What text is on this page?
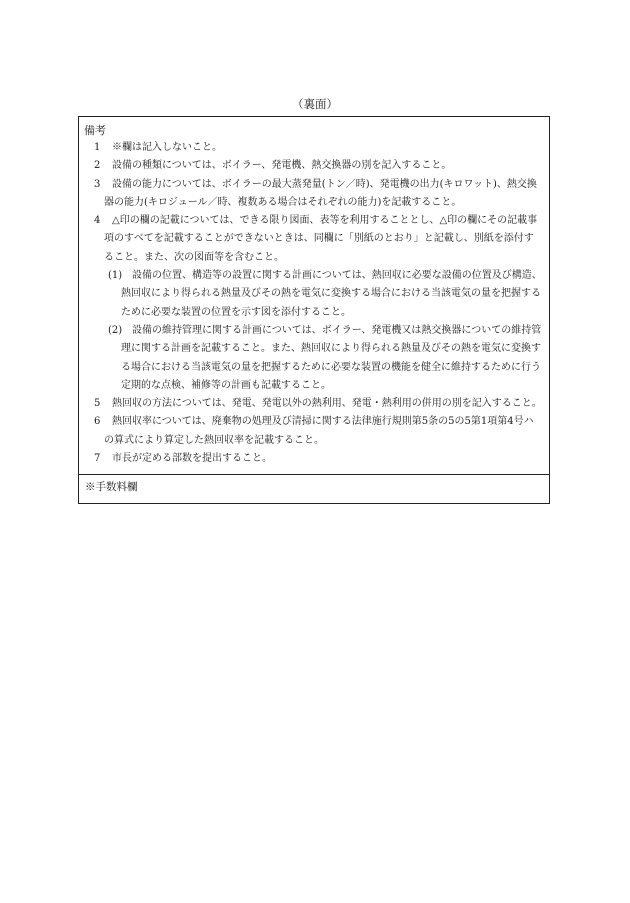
（裏面）
備考
1 ※欄は記入しないこと。
2 設備の種類については、ボイラー、発電機、熱交換器の別を記入すること。
3 設備の能力については、ボイラーの最大蒸発量(トン／時)、発電機の出力(キロワット)、熱交換器の能力(キロジュール／時、複数ある場合はそれぞれの能力)を記載すること。
4 △印の欄の記載については、できる限り図面、表等を利用することとし、△印の欄にその記載事項のすべてを記載することができないときは、同欄に「別紙のとおり」と記載し、別紙を添付すること。また、次の図面等を含むこと。
(1) 設備の位置、構造等の設置に関する計画については、熱回収に必要な設備の位置及び構造、熱回収により得られる熱量及びその熱を電気に変換する場合における当該電気の量を把握するために必要な装置の位置を示す図を添付すること。
(2) 設備の維持管理に関する計画については、ボイラー、発電機又は熱交換器についての維持管理に関する計画を記載すること。また、熱回収により得られる熱量及びその熱を電気に変換する場合における当該電気の量を把握するために必要な装置の機能を健全に維持するために行う定期的な点検、補修等の計画も記載すること。
5 熱回収の方法については、発電、発電以外の熱利用、発電・熱利用の併用の別を記入すること。
6 熱回収率については、廃棄物の処理及び清掃に関する法律施行規則第5条の5の5第1項第4号ハの算式により算定した熱回収率を記載すること。
7 市長が定める部数を提出すること。
※手数料欄
